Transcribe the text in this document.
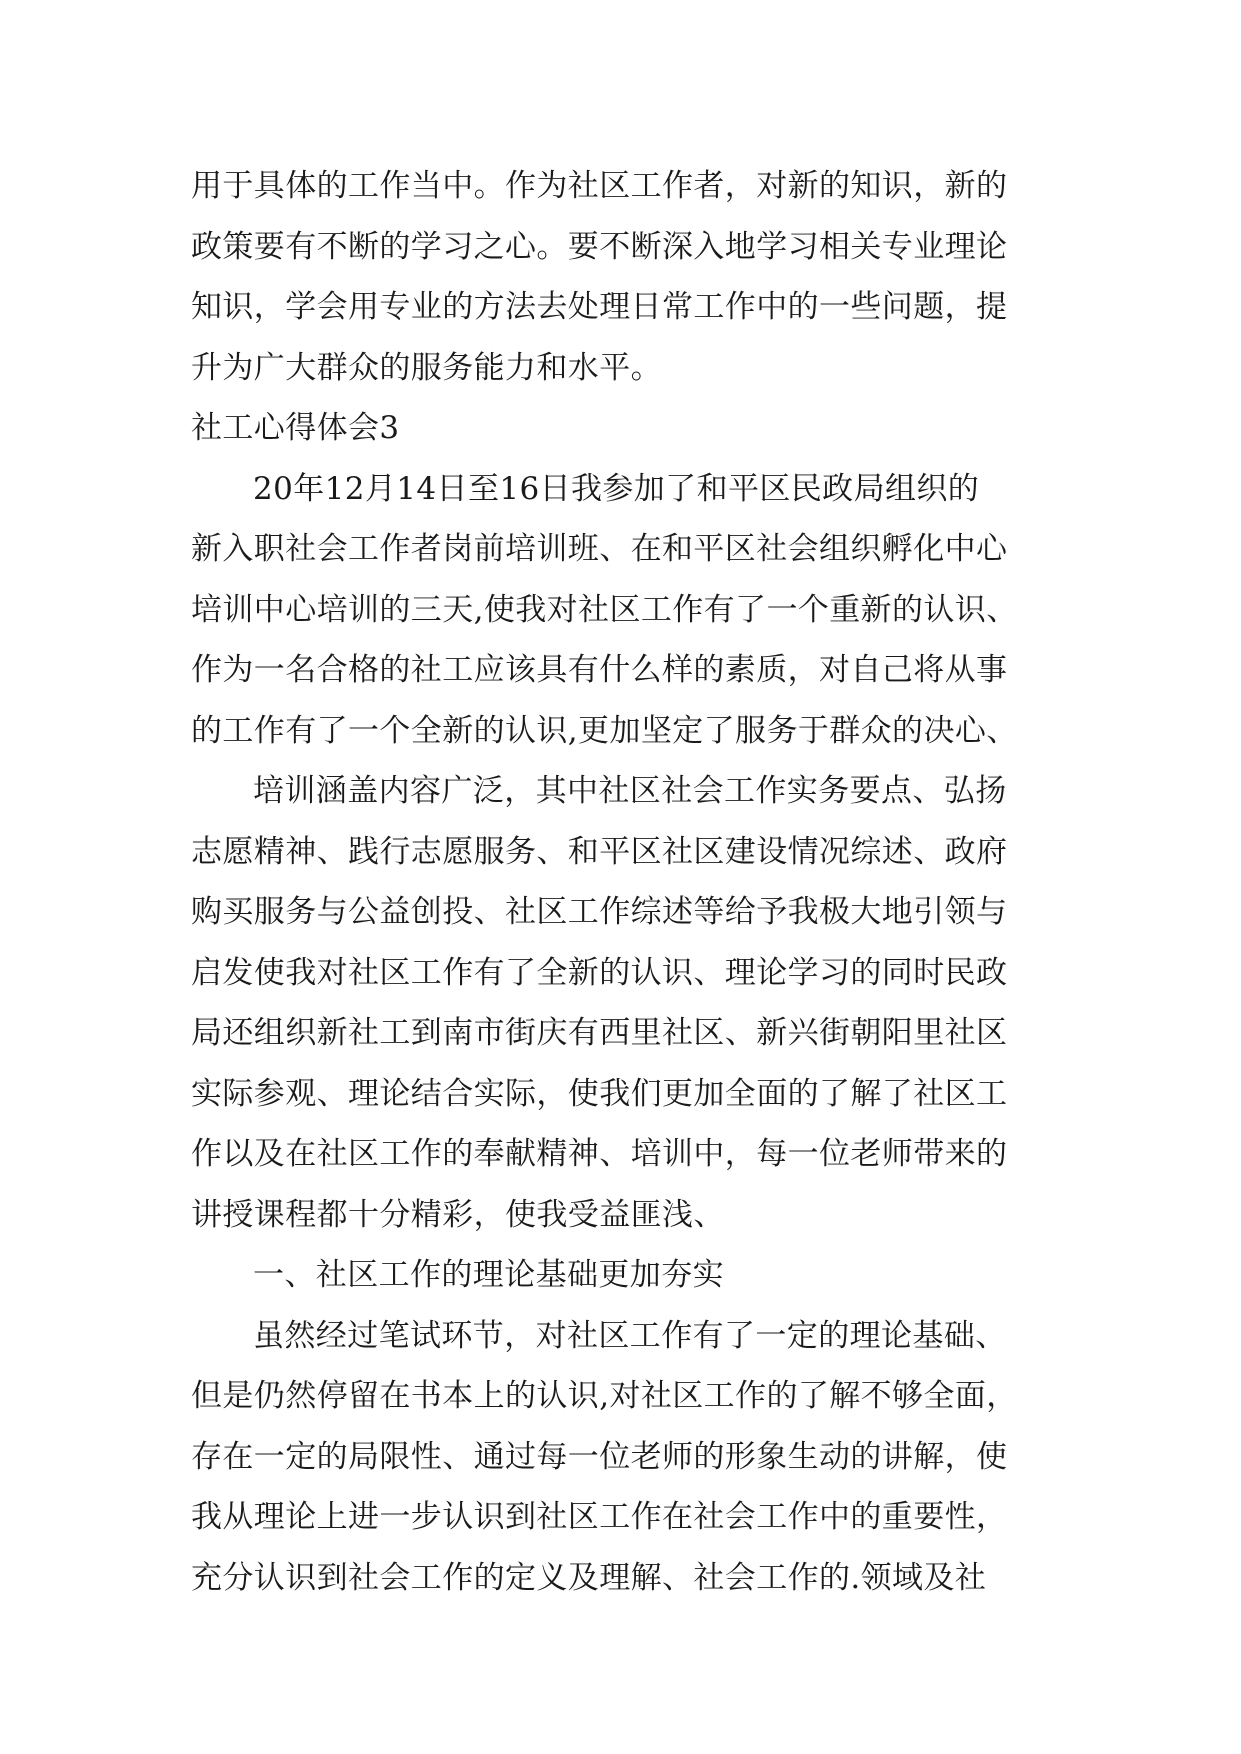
用于具体的工作当中。作为社区工作者，对新的知识，新的
政策要有不断的学习之心。要不断深入地学习相关专业理论
知识，学会用专业的方法去处理日常工作中的一些问题，提
升为广大群众的服务能力和水平。
社工心得体会3
20年12月14日至16日我参加了和平区民政局组织的
新入职社会工作者岗前培训班、在和平区社会组织孵化中心
培训中心培训的三天,使我对社区工作有了一个重新的认识、
作为一名合格的社工应该具有什么样的素质，对自己将从事
的工作有了一个全新的认识,更加坚定了服务于群众的决心、
培训涵盖内容广泛，其中社区社会工作实务要点、弘扬
志愿精神、践行志愿服务、和平区社区建设情况综述、政府
购买服务与公益创投、社区工作综述等给予我极大地引领与
启发使我对社区工作有了全新的认识、理论学习的同时民政
局还组织新社工到南市街庆有西里社区、新兴街朝阳里社区
实际参观、理论结合实际，使我们更加全面的了解了社区工
作以及在社区工作的奉献精神、培训中，每一位老师带来的
讲授课程都十分精彩，使我受益匪浅、
一、社区工作的理论基础更加夯实
虽然经过笔试环节，对社区工作有了一定的理论基础、
但是仍然停留在书本上的认识,对社区工作的了解不够全面，
存在一定的局限性、通过每一位老师的形象生动的讲解，使
我从理论上进一步认识到社区工作在社会工作中的重要性，
充分认识到社会工作的定义及理解、社会工作的.领域及社
